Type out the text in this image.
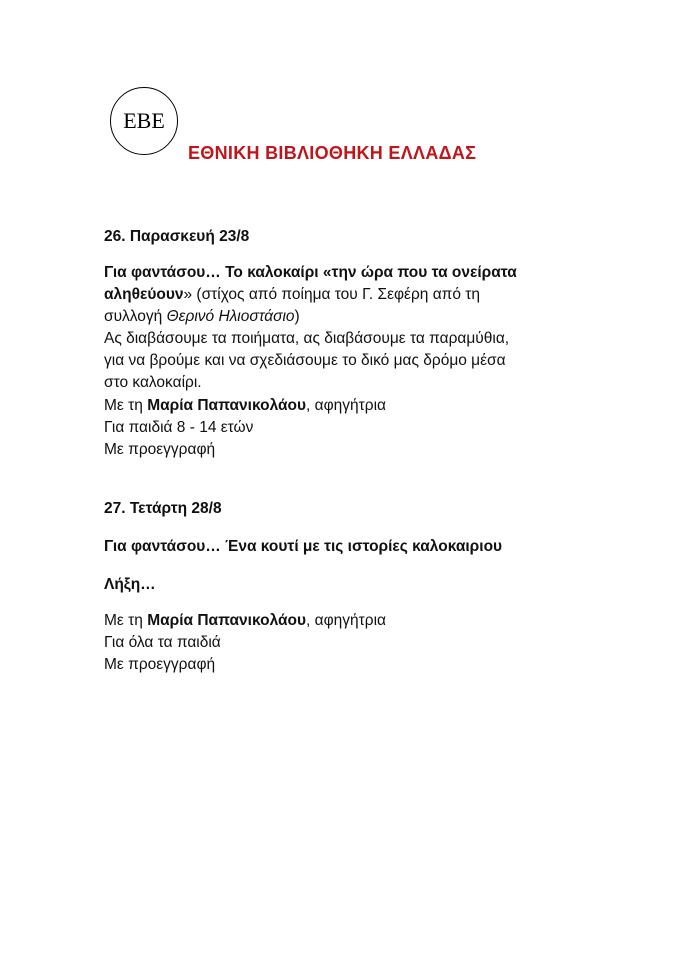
ΕΒΕ
ΕΘΝΙΚΗ ΒΙΒΛΙΟΘΗΚΗ ΕΛΛΑΔΑΣ
26. Παρασκευή 23/8
Για φαντάσου… Το καλοκαίρι «την ώρα που τα ονείρατα
αληθεύουν» (στίχος από ποίημα του Γ. Σεφέρη από τη
συλλογή Θερινό Ηλιοστάσιο)
Ας διαβάσουμε τα ποιήματα, ας διαβάσουμε τα παραμύθια,
για να βρούμε και να σχεδιάσουμε το δικό μας δρόμο μέσα
στο καλοκαίρι.
Με τη Μαρία Παπανικολάου, αφηγήτρια
Για παιδιά 8 - 14 ετών
Με προεγγραφή
27. Τετάρτη 28/8
Για φαντάσου… Ένα κουτί με τις ιστορίες καλοκαιριου
Λήξη…
Με τη Μαρία Παπανικολάου, αφηγήτρια
Για όλα τα παιδιά
Με προεγγραφή
